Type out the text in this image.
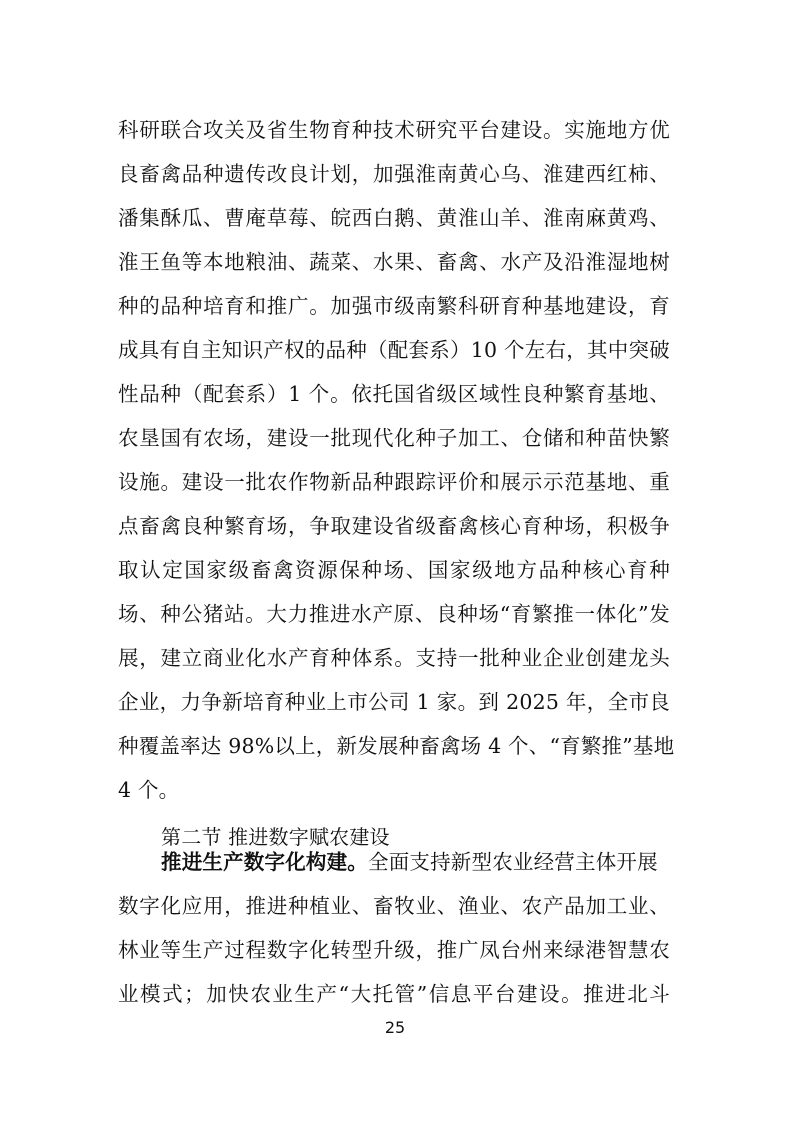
科研联合攻关及省生物育种技术研究平台建设。实施地方优
良畜禽品种遗传改良计划，加强淮南黄心乌、淮建西红柿、
潘集酥瓜、曹庵草莓、皖西白鹅、黄淮山羊、淮南麻黄鸡、
淮王鱼等本地粮油、蔬菜、水果、畜禽、水产及沿淮湿地树
种的品种培育和推广。加强市级南繁科研育种基地建设，育
成具有自主知识产权的品种（配套系）10 个左右，其中突破
性品种（配套系）1 个。依托国省级区域性良种繁育基地、
农垦国有农场，建设一批现代化种子加工、仓储和种苗快繁
设施。建设一批农作物新品种跟踪评价和展示示范基地、重
点畜禽良种繁育场，争取建设省级畜禽核心育种场，积极争
取认定国家级畜禽资源保种场、国家级地方品种核心育种
场、种公猪站。大力推进水产原、良种场“育繁推一体化”发
展，建立商业化水产育种体系。支持一批种业企业创建龙头
企业，力争新培育种业上市公司 1 家。到 2025 年，全市良
种覆盖率达 98%以上，新发展种畜禽场 4 个、“育繁推”基地
4 个。
第二节 推进数字赋农建设
推进生产数字化构建。全面支持新型农业经营主体开展
数字化应用，推进种植业、畜牧业、渔业、农产品加工业、
林业等生产过程数字化转型升级，推广凤台州来绿港智慧农
业模式；加快农业生产“大托管”信息平台建设。推进北斗
25
